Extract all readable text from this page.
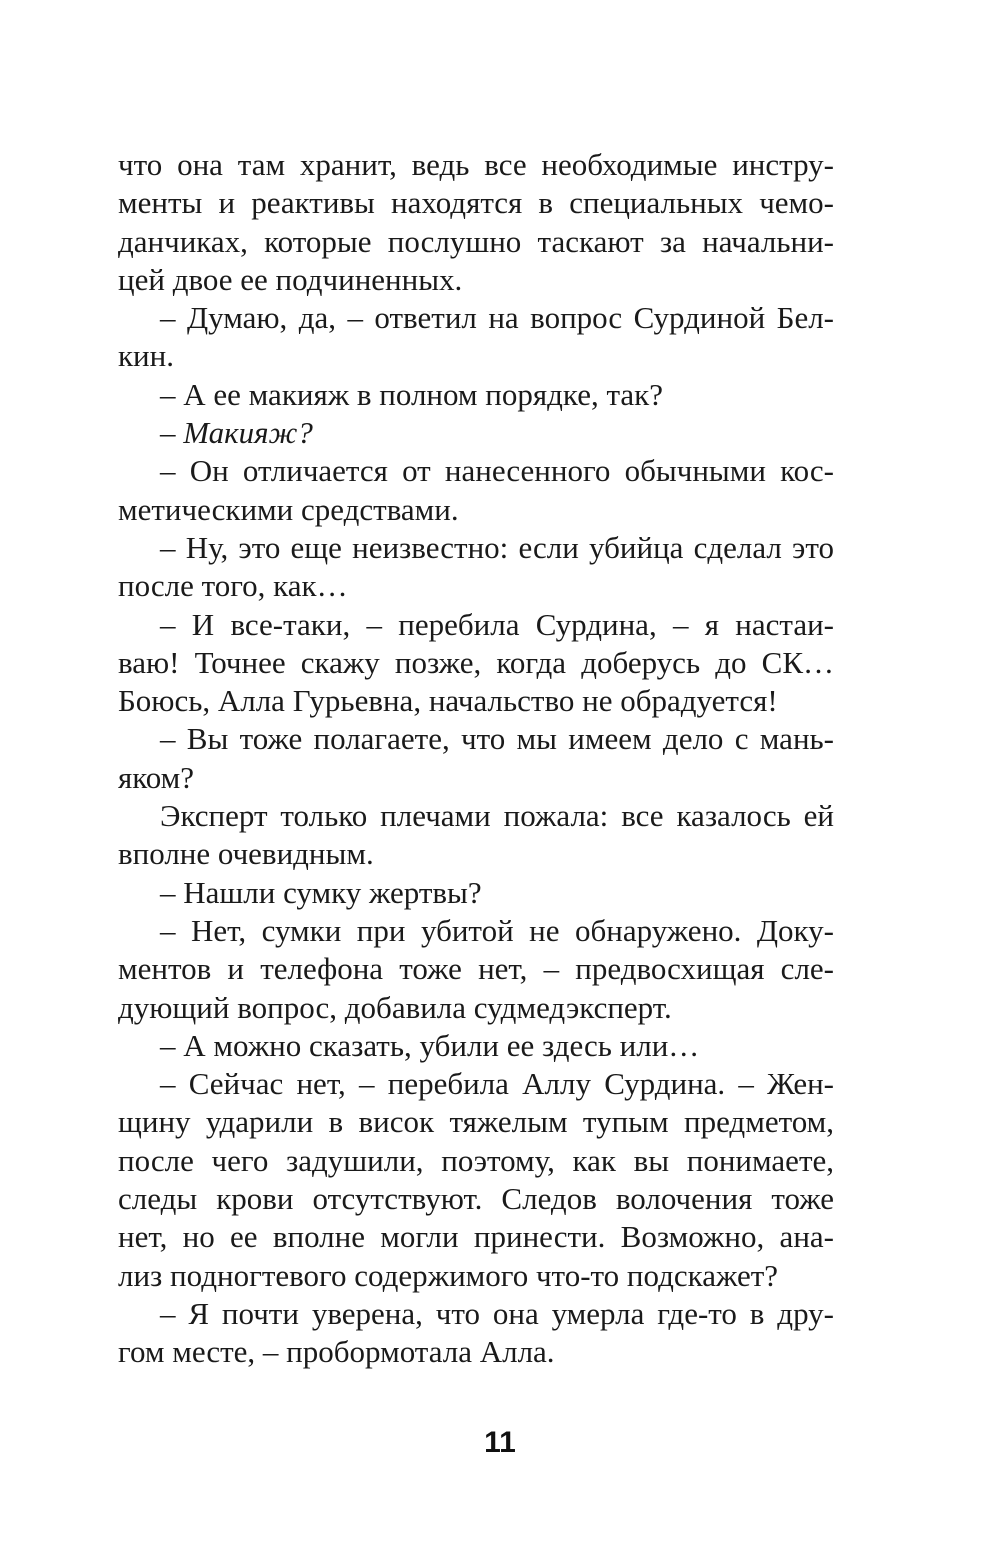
что она там хранит, ведь все необходимые инстру-
менты и реактивы находятся в специальных чемо-
данчиках, которые послушно таскают за начальни-
цей двое ее подчиненных.
– Думаю, да, – ответил на вопрос Сурдиной Бел-
кин.
– А ее макияж в полном порядке, так?
– Макияж?
– Он отличается от нанесенного обычными кос-
метическими средствами.
– Ну, это еще неизвестно: если убийца сделал это
после того, как…
– И все-таки, – перебила Сурдина, – я настаи-
ваю! Точнее скажу позже, когда доберусь до СК…
Боюсь, Алла Гурьевна, начальство не обрадуется!
– Вы тоже полагаете, что мы имеем дело с мань-
яком?
Эксперт только плечами пожала: все казалось ей
вполне очевидным.
– Нашли сумку жертвы?
– Нет, сумки при убитой не обнаружено. Доку-
ментов и телефона тоже нет, – предвосхищая сле-
дующий вопрос, добавила судмедэксперт.
– А можно сказать, убили ее здесь или…
– Сейчас нет, – перебила Аллу Сурдина. – Жен-
щину ударили в висок тяжелым тупым предметом,
после чего задушили, поэтому, как вы понимаете,
следы крови отсутствуют. Следов волочения тоже
нет, но ее вполне могли принести. Возможно, ана-
лиз подногтевого содержимого что-то подскажет?
– Я почти уверена, что она умерла где-то в дру-
гом месте, – пробормотала Алла.
11
